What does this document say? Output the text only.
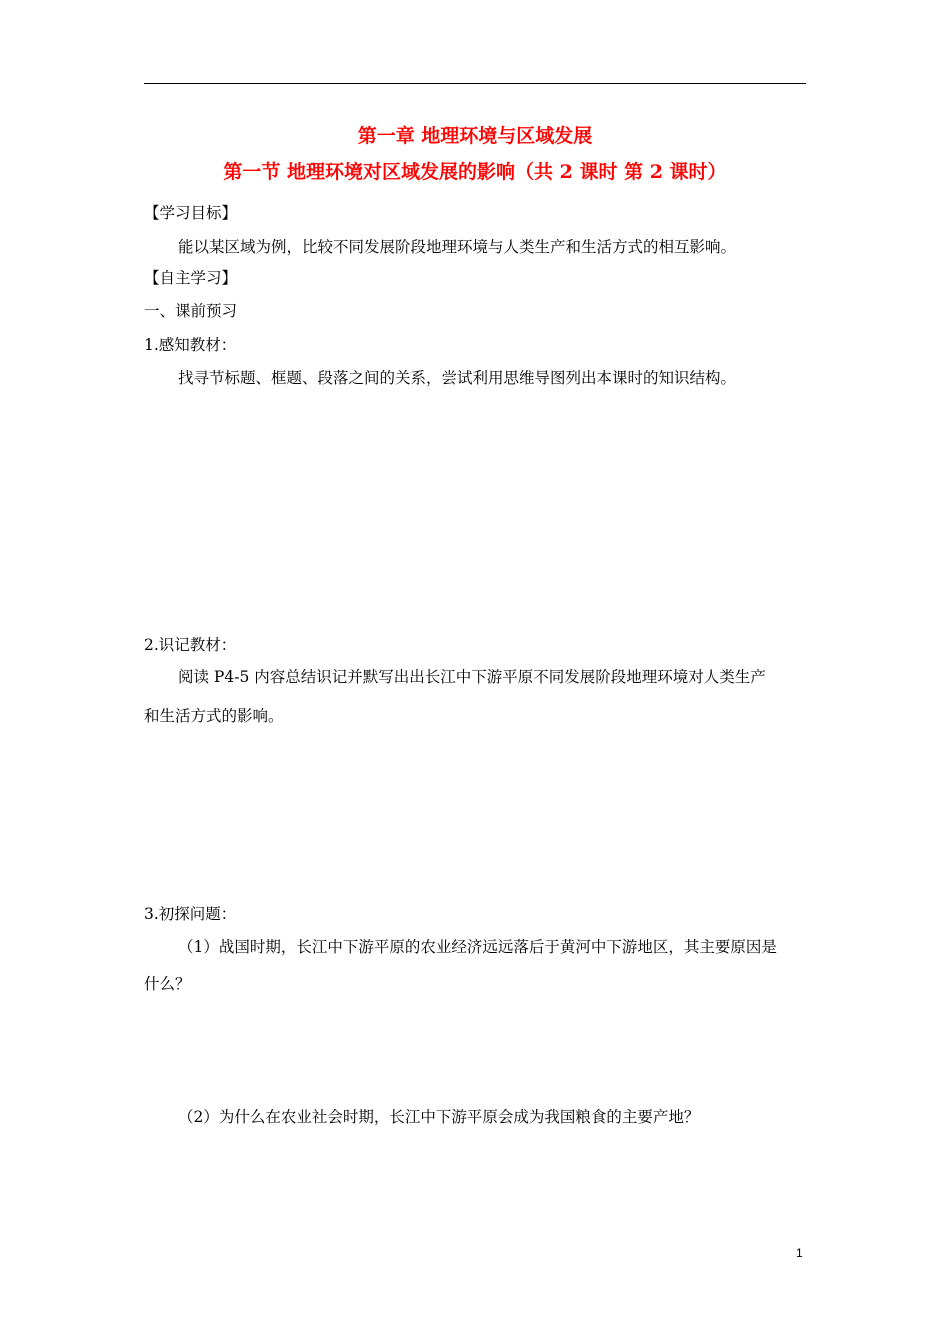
第一章 地理环境与区域发展
第一节 地理环境对区域发展的影响（共 2 课时 第 2 课时）
【学习目标】
能以某区域为例，比较不同发展阶段地理环境与人类生产和生活方式的相互影响。
【自主学习】
一、课前预习
1.感知教材：
找寻节标题、框题、段落之间的关系，尝试利用思维导图列出本课时的知识结构。
2.识记教材：
阅读 P4-5 内容总结识记并默写出出长江中下游平原不同发展阶段地理环境对人类生产
和生活方式的影响。
3.初探问题：
（1）战国时期，长江中下游平原的农业经济远远落后于黄河中下游地区，其主要原因是
什么？
（2）为什么在农业社会时期，长江中下游平原会成为我国粮食的主要产地？
1
